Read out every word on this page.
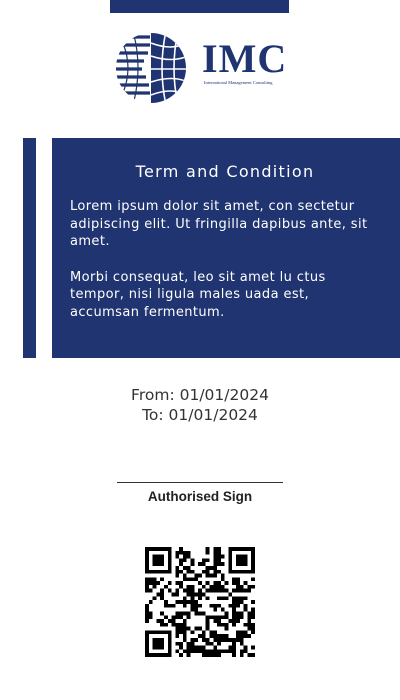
IMC
International Management Consulting
Term and Condition

Lorem ipsum dolor sit amet, con sectetur adipiscing elit. Ut fringilla dapibus ante, sit amet.

Morbi consequat, leo sit amet lu ctus tempor, nisi ligula males uada est, accumsan fermentum.

From: 01/01/2024
To: 01/01/2024
Authorised Sign
